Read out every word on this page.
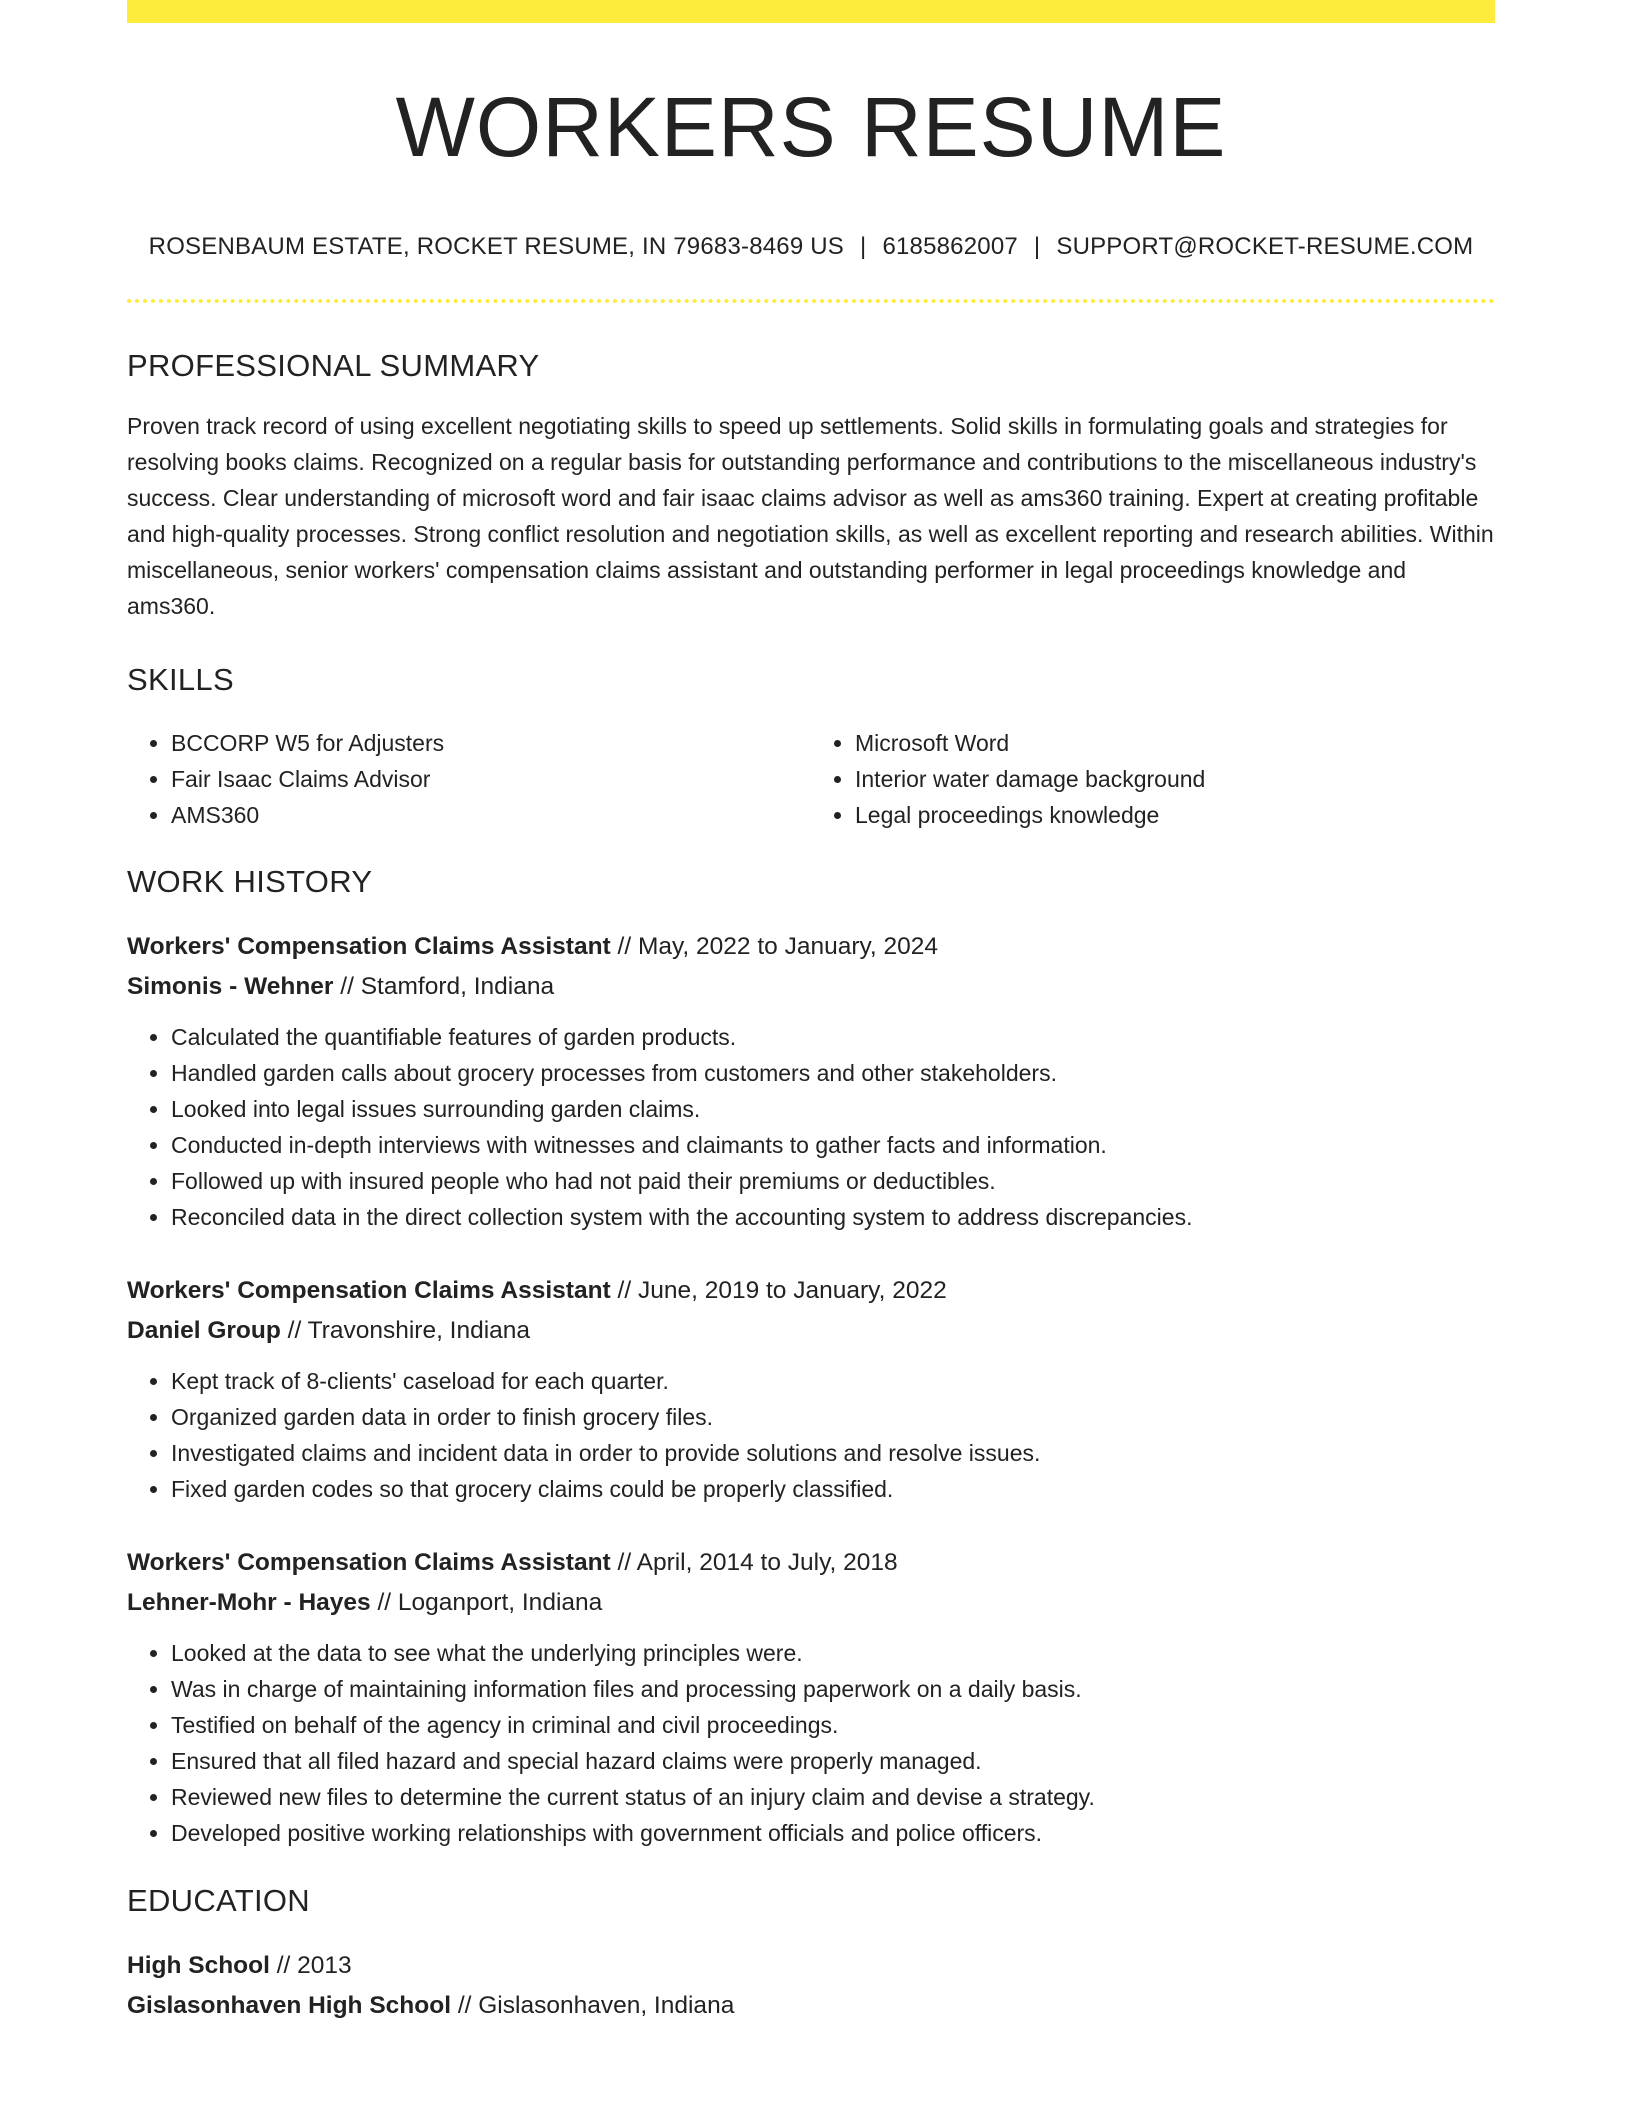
WORKERS RESUME
ROSENBAUM ESTATE, ROCKET RESUME, IN 79683-8469 US | 6185862007 | SUPPORT@ROCKET-RESUME.COM
PROFESSIONAL SUMMARY

Proven track record of using excellent negotiating skills to speed up settlements. Solid skills in formulating goals and strategies for resolving books claims. Recognized on a regular basis for outstanding performance and contributions to the miscellaneous industry's success. Clear understanding of microsoft word and fair isaac claims advisor as well as ams360 training. Expert at creating profitable and high-quality processes. Strong conflict resolution and negotiation skills, as well as excellent reporting and research abilities. Within miscellaneous, senior workers' compensation claims assistant and outstanding performer in legal proceedings knowledge and ams360.

SKILLS
• BCCORP W5 for Adjusters
• Fair Isaac Claims Advisor
• AMS360
• Microsoft Word
• Interior water damage background
• Legal proceedings knowledge
WORK HISTORY

Workers' Compensation Claims Assistant // May, 2022 to January, 2024

Simonis - Wehner // Stamford, Indiana

• Calculated the quantifiable features of garden products.
• Handled garden calls about grocery processes from customers and other stakeholders.
• Looked into legal issues surrounding garden claims.
• Conducted in-depth interviews with witnesses and claimants to gather facts and information.
• Followed up with insured people who had not paid their premiums or deductibles.
• Reconciled data in the direct collection system with the accounting system to address discrepancies.

Workers' Compensation Claims Assistant // June, 2019 to January, 2022

Daniel Group // Travonshire, Indiana

• Kept track of 8-clients' caseload for each quarter.
• Organized garden data in order to finish grocery files.
• Investigated claims and incident data in order to provide solutions and resolve issues.
• Fixed garden codes so that grocery claims could be properly classified.

Workers' Compensation Claims Assistant // April, 2014 to July, 2018

Lehner-Mohr - Hayes // Loganport, Indiana

• Looked at the data to see what the underlying principles were.
• Was in charge of maintaining information files and processing paperwork on a daily basis.
• Testified on behalf of the agency in criminal and civil proceedings.
• Ensured that all filed hazard and special hazard claims were properly managed.
• Reviewed new files to determine the current status of an injury claim and devise a strategy.
• Developed positive working relationships with government officials and police officers.
EDUCATION

High School // 2013

Gislasonhaven High School // Gislasonhaven, Indiana
